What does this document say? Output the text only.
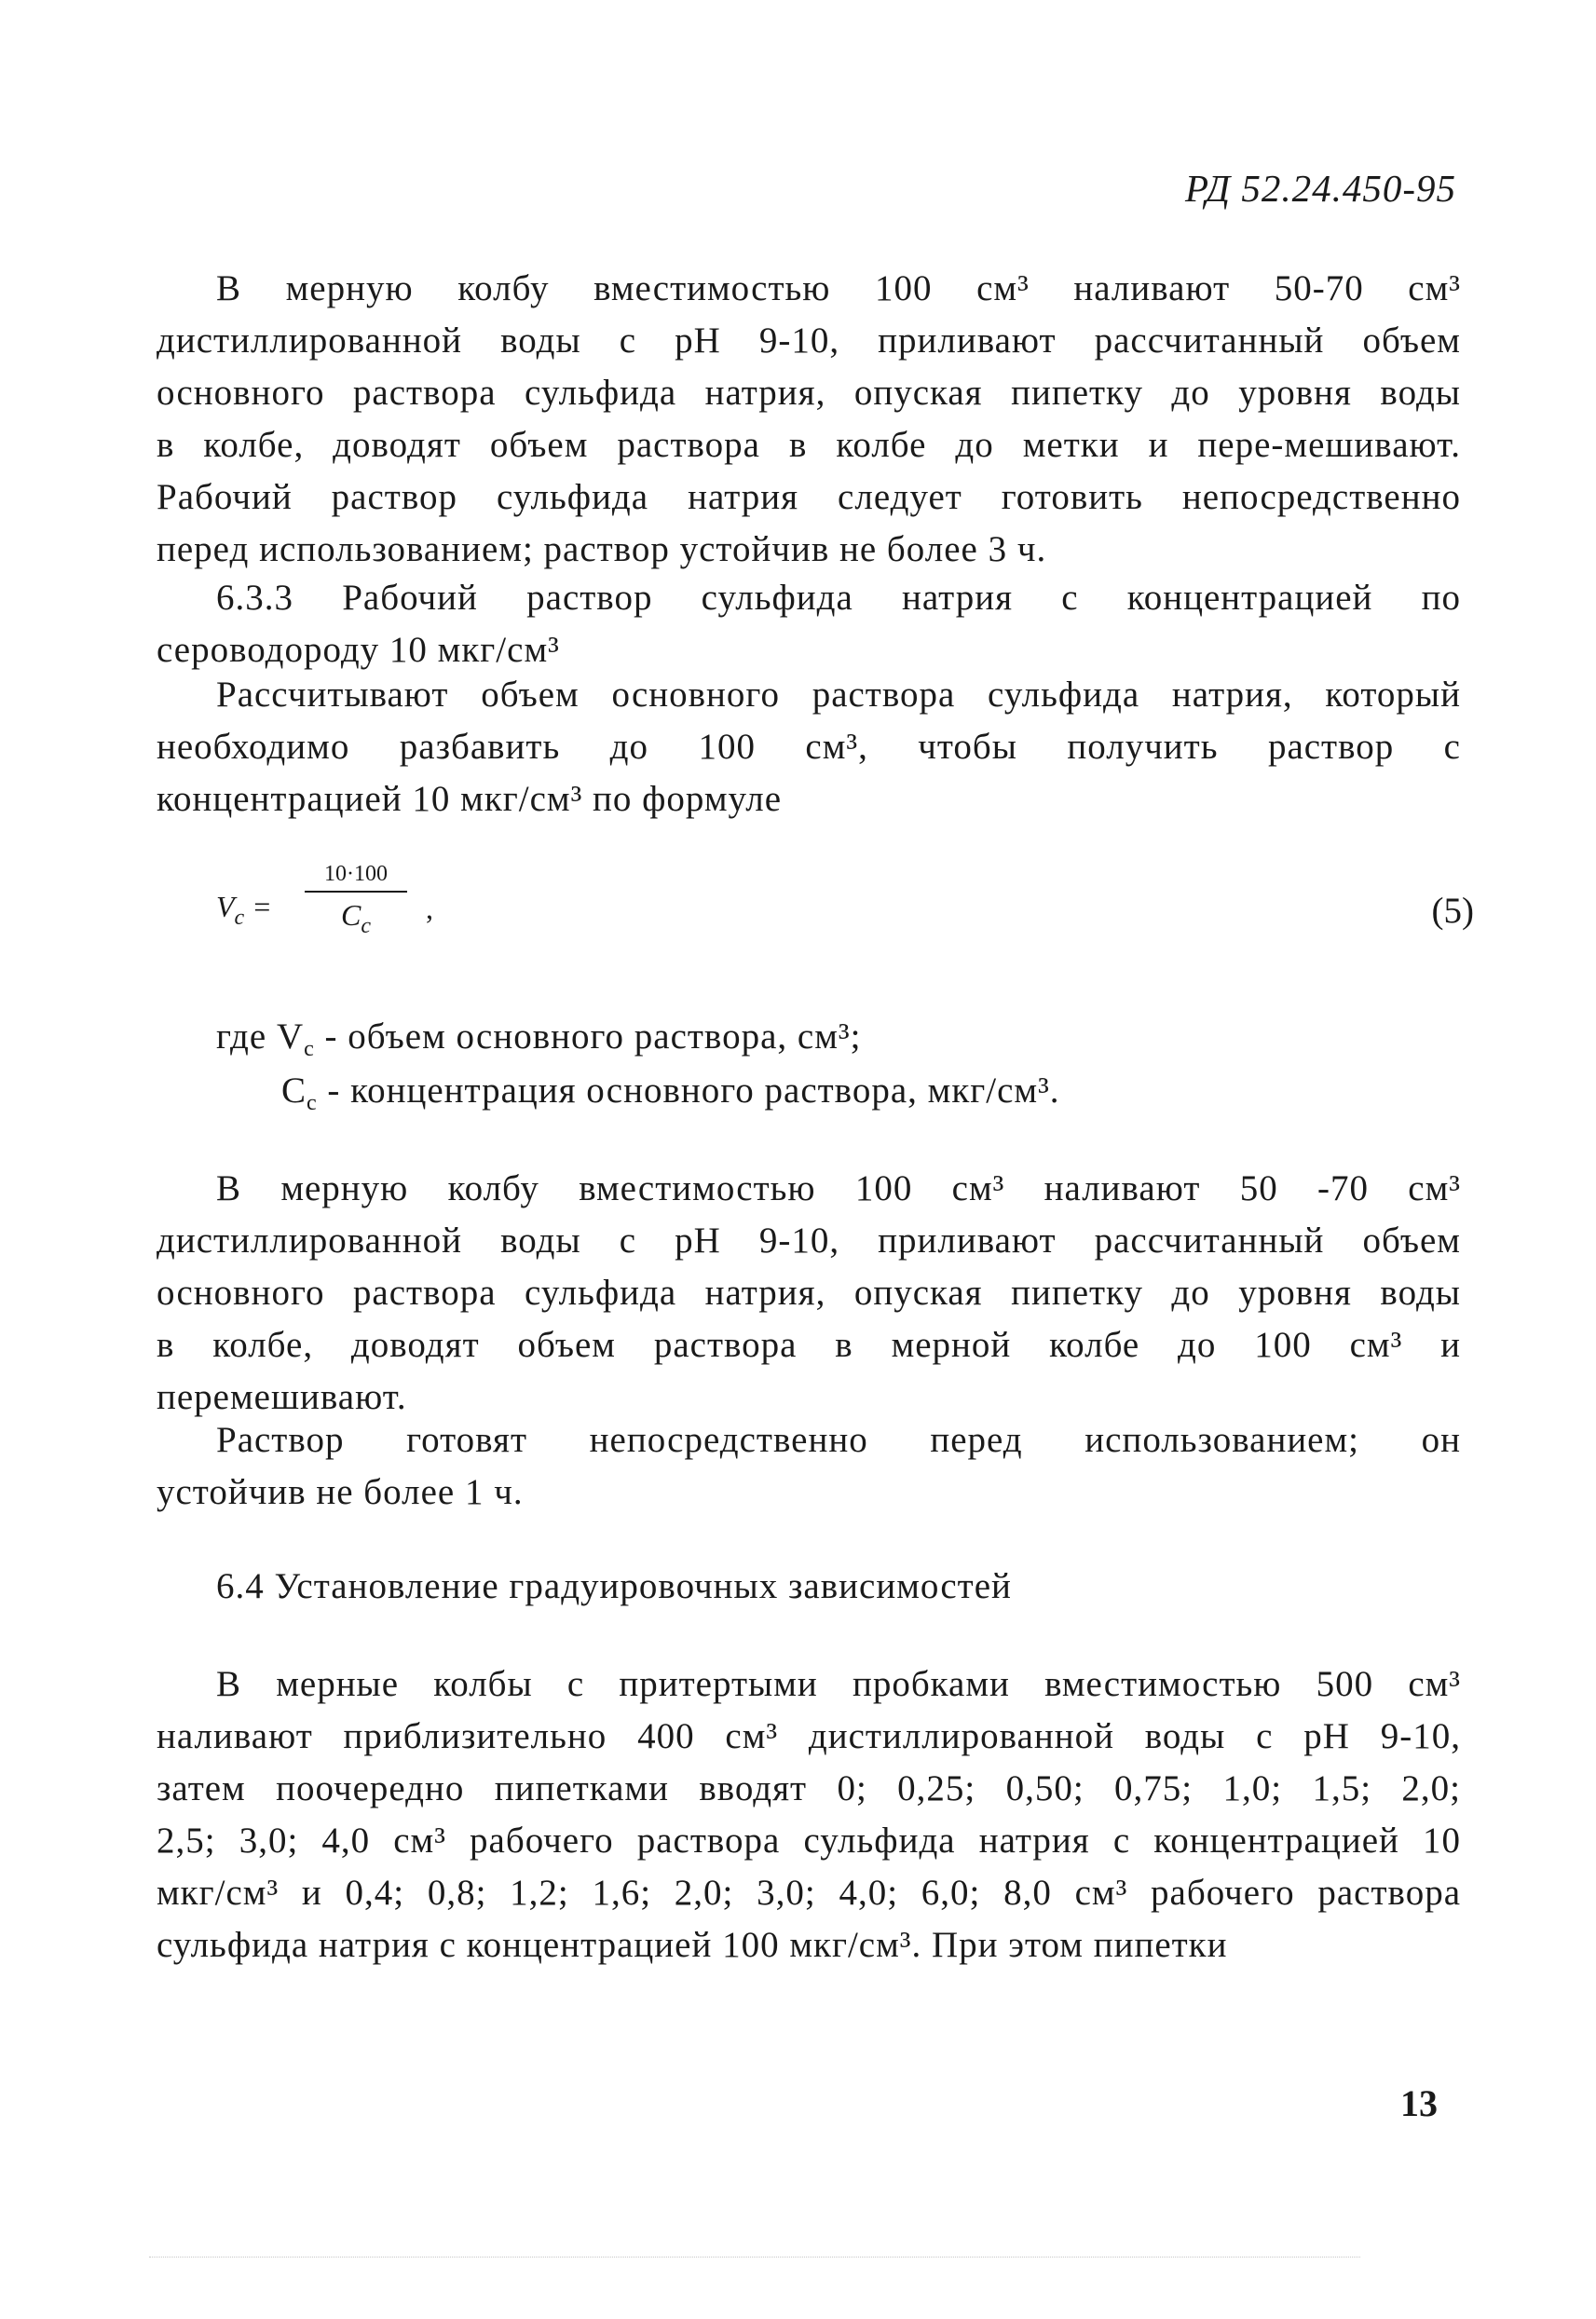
РД 52.24.450-95
В мерную колбу вместимостью 100 см³ наливают 50-70 см³
дистиллированной воды с pH 9-10, приливают рассчитанный объем
основного раствора сульфида натрия, опуская пипетку до уровня воды
в колбе, доводят объем раствора в колбе до метки и пере-мешивают.
Рабочий раствор сульфида натрия следует готовить непосредственно
перед использованием; раствор устойчив не более 3 ч.
6.3.3 Рабочий раствор сульфида натрия с концентрацией по
сероводороду 10 мкг/см³
Рассчитывают объем основного раствора сульфида натрия, который
необходимо разбавить до 100 см³, чтобы получить раствор с
концентрацией 10 мкг/см³ по формуле
$V_c$ =
10·100
$C_c$
,	(5)
где $V_c$ - объем основного раствора, см³;
$C_c$ - концентрация основного раствора, мкг/см³.
В мерную колбу вместимостью 100 см³ наливают 50 -70 см³
дистиллированной воды с pH 9-10, приливают рассчитанный объем
основного раствора сульфида натрия, опуская пипетку до уровня воды
в колбе, доводят объем раствора в мерной колбе до 100 см³ и
перемешивают.
Раствор готовят непосредственно перед использованием; он
устойчив не более 1 ч.
6.4 Установление градуировочных зависимостей
В мерные колбы с притертыми пробками вместимостью 500 см³
наливают приблизительно 400 см³ дистиллированной воды с pH 9-10,
затем поочередно пипетками вводят 0; 0,25; 0,50; 0,75; 1,0; 1,5; 2,0;
2,5; 3,0; 4,0 см³ рабочего раствора сульфида натрия с концентрацией 10
мкг/см³ и 0,4; 0,8; 1,2; 1,6; 2,0; 3,0; 4,0; 6,0; 8,0 см³ рабочего раствора
сульфида натрия с концентрацией 100 мкг/см³. При этом пипетки
13
